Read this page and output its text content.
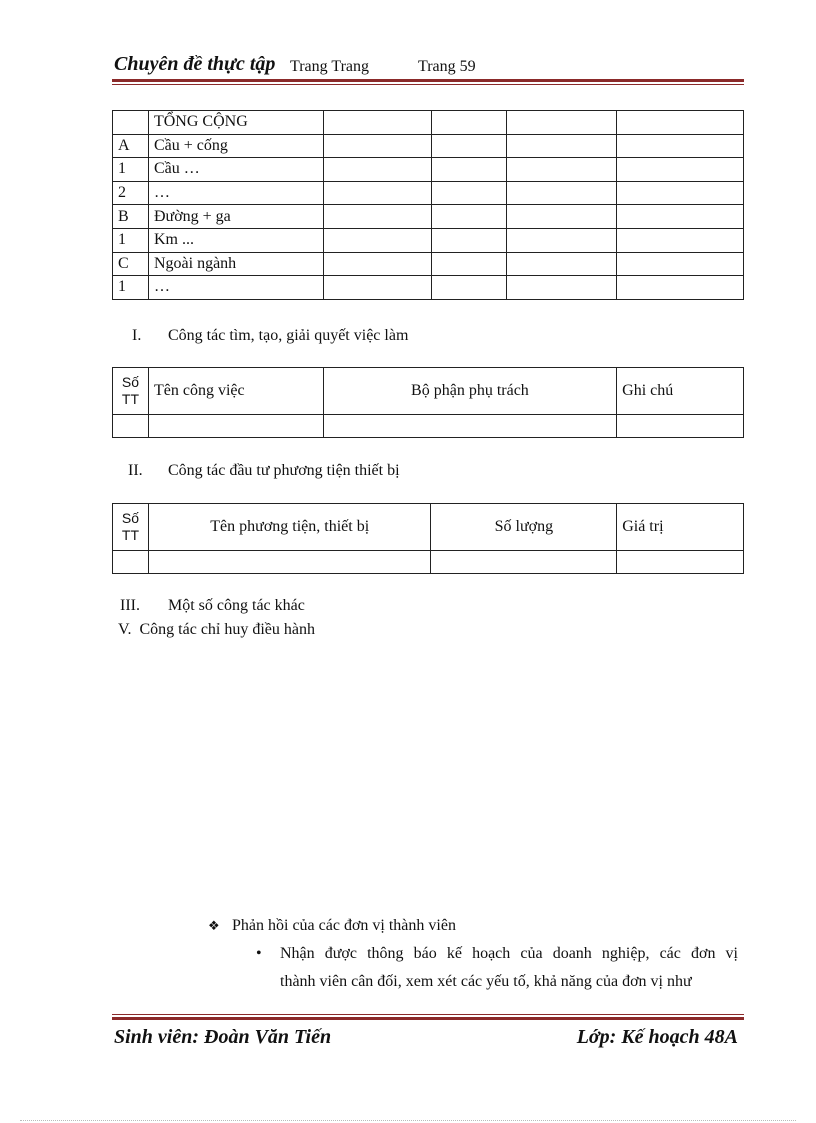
Chuyên đề thực tập Trang Trang	Trang 59
	TỔNG CỘNG				
A	Cầu + cống				
1	Cầu …				
2	…				
B	Đường + ga				
1	Km ...				
C	Ngoài ngành				
1	…				
I. Công tác tìm, tạo, giải quyết việc làm
Số
TT	Tên công việc	Bộ phận phụ trách	Ghi chú

II. Công tác đầu tư phương tiện thiết bị
Số
TT	Tên phương tiện, thiết bị	Số lượng	Giá trị

III. Một số công tác khác
V.  Công tác chỉ huy điều hành
❖ Phản hồi của các đơn vị thành viên
• Nhận được thông báo kế hoạch của doanh nghiệp, các đơn vị
thành viên cân đối, xem xét các yếu tố, khả năng của đơn vị như
Sinh viên: Đoàn Văn Tiến	Lớp: Kế hoạch 48A
